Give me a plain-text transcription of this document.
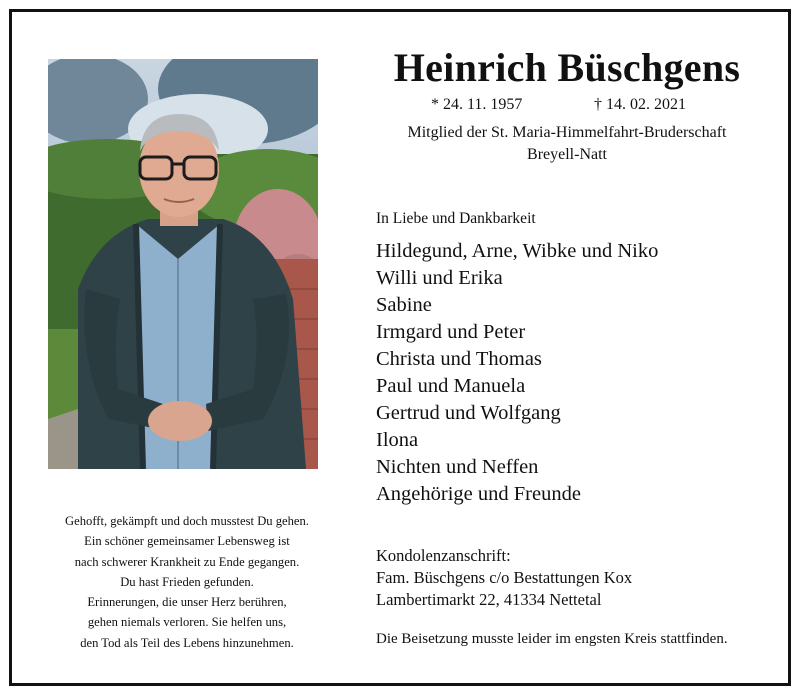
Gehofft, gekämpft und doch musstest Du gehen.
Ein schöner gemeinsamer Lebensweg ist
nach schwerer Krankheit zu Ende gegangen.
Du hast Frieden gefunden.
Erinnerungen, die unser Herz berühren,
gehen niemals verloren. Sie helfen uns,
den Tod als Teil des Lebens hinzunehmen.
Heinrich Büschgens
* 24. 11. 1957	† 14. 02. 2021
Mitglied der St. Maria-Himmelfahrt-Bruderschaft
Breyell-Natt
In Liebe und Dankbarkeit
Hildegund, Arne, Wibke und Niko
Willi und Erika
Sabine
Irmgard und Peter
Christa und Thomas
Paul und Manuela
Gertrud und Wolfgang
Ilona
Nichten und Neffen
Angehörige und Freunde
Kondolenzanschrift:
Fam. Büschgens c/o Bestattungen Kox
Lambertimarkt 22, 41334 Nettetal
Die Beisetzung musste leider im engsten Kreis stattfinden.
